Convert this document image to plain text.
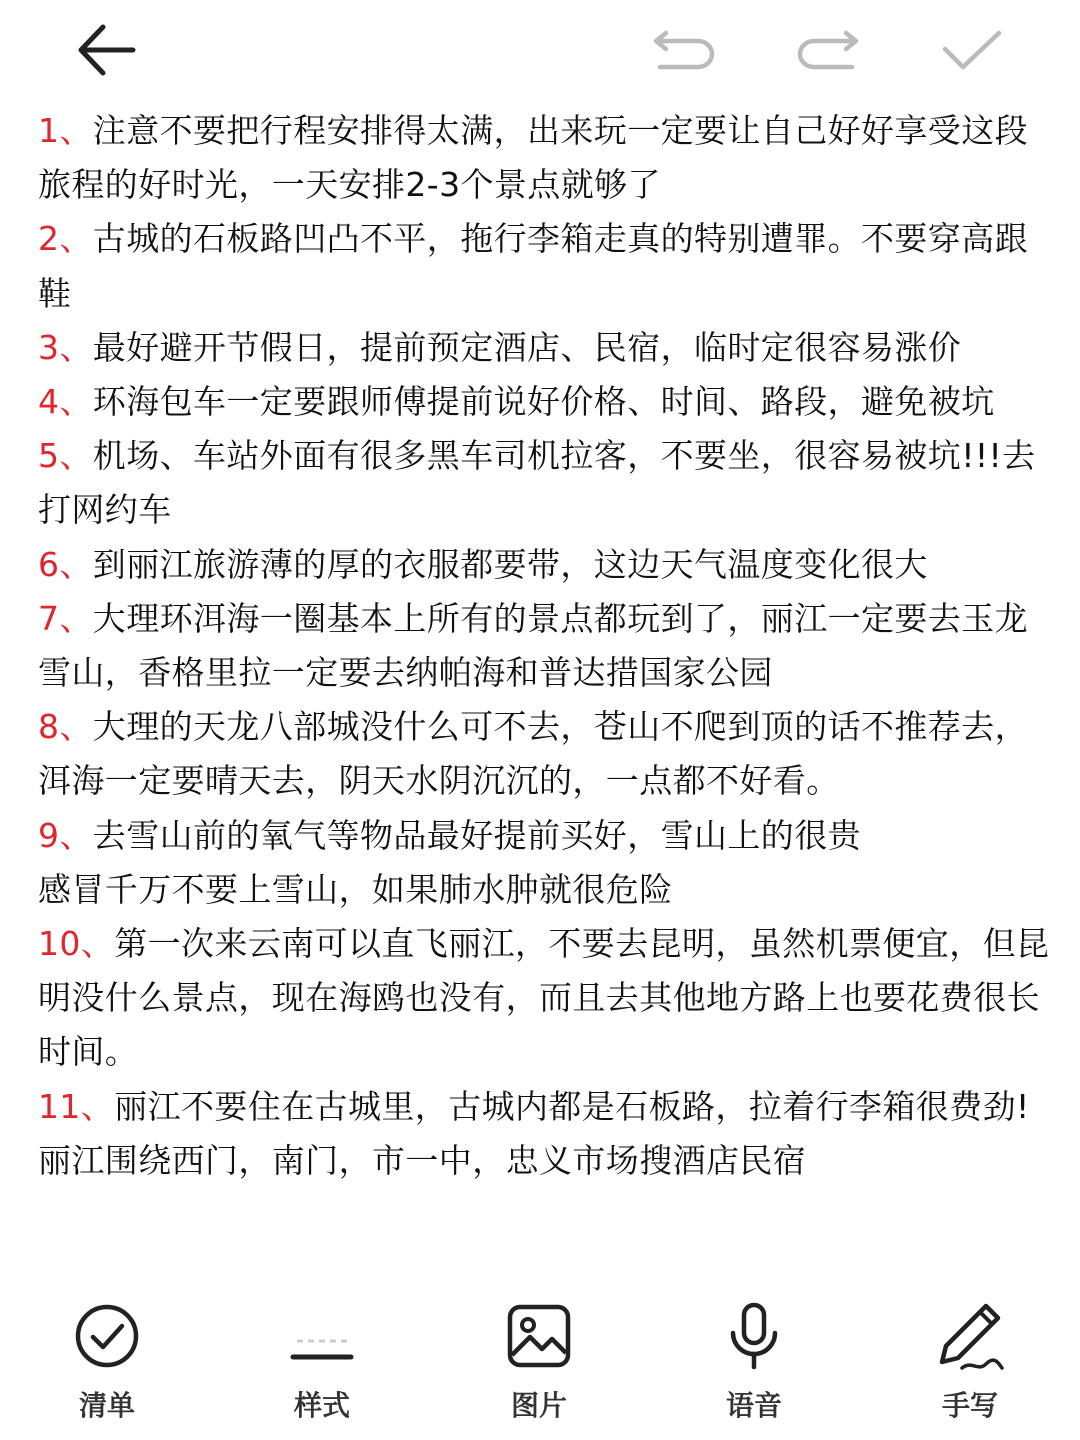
1、注意不要把行程安排得太满，出来玩一定要让自己好好享受这段旅程的好时光，一天安排2-3个景点就够了
2、古城的石板路凹凸不平，拖行李箱走真的特别遭罪。不要穿高跟鞋
3、最好避开节假日，提前预定酒店、民宿，临时定很容易涨价
4、环海包车一定要跟师傅提前说好价格、时间、路段，避免被坑
5、机场、车站外面有很多黑车司机拉客，不要坐，很容易被坑!!!去打网约车
6、到丽江旅游薄的厚的衣服都要带，这边天气温度变化很大
7、大理环洱海一圈基本上所有的景点都玩到了，丽江一定要去玉龙雪山，香格里拉一定要去纳帕海和普达措国家公园
8、大理的天龙八部城没什么可不去，苍山不爬到顶的话不推荐去，洱海一定要晴天去，阴天水阴沉沉的，一点都不好看。
9、去雪山前的氧气等物品最好提前买好，雪山上的很贵
感冒千万不要上雪山，如果肺水肿就很危险
10、第一次来云南可以直飞丽江，不要去昆明，虽然机票便宜，但昆明没什么景点，现在海鸥也没有，而且去其他地方路上也要花费很长时间。
11、丽江不要住在古城里，古城内都是石板路，拉着行李箱很费劲!丽江围绕西门，南门，市一中，忠义市场搜酒店民宿
清单	样式	图片	语音	手写
